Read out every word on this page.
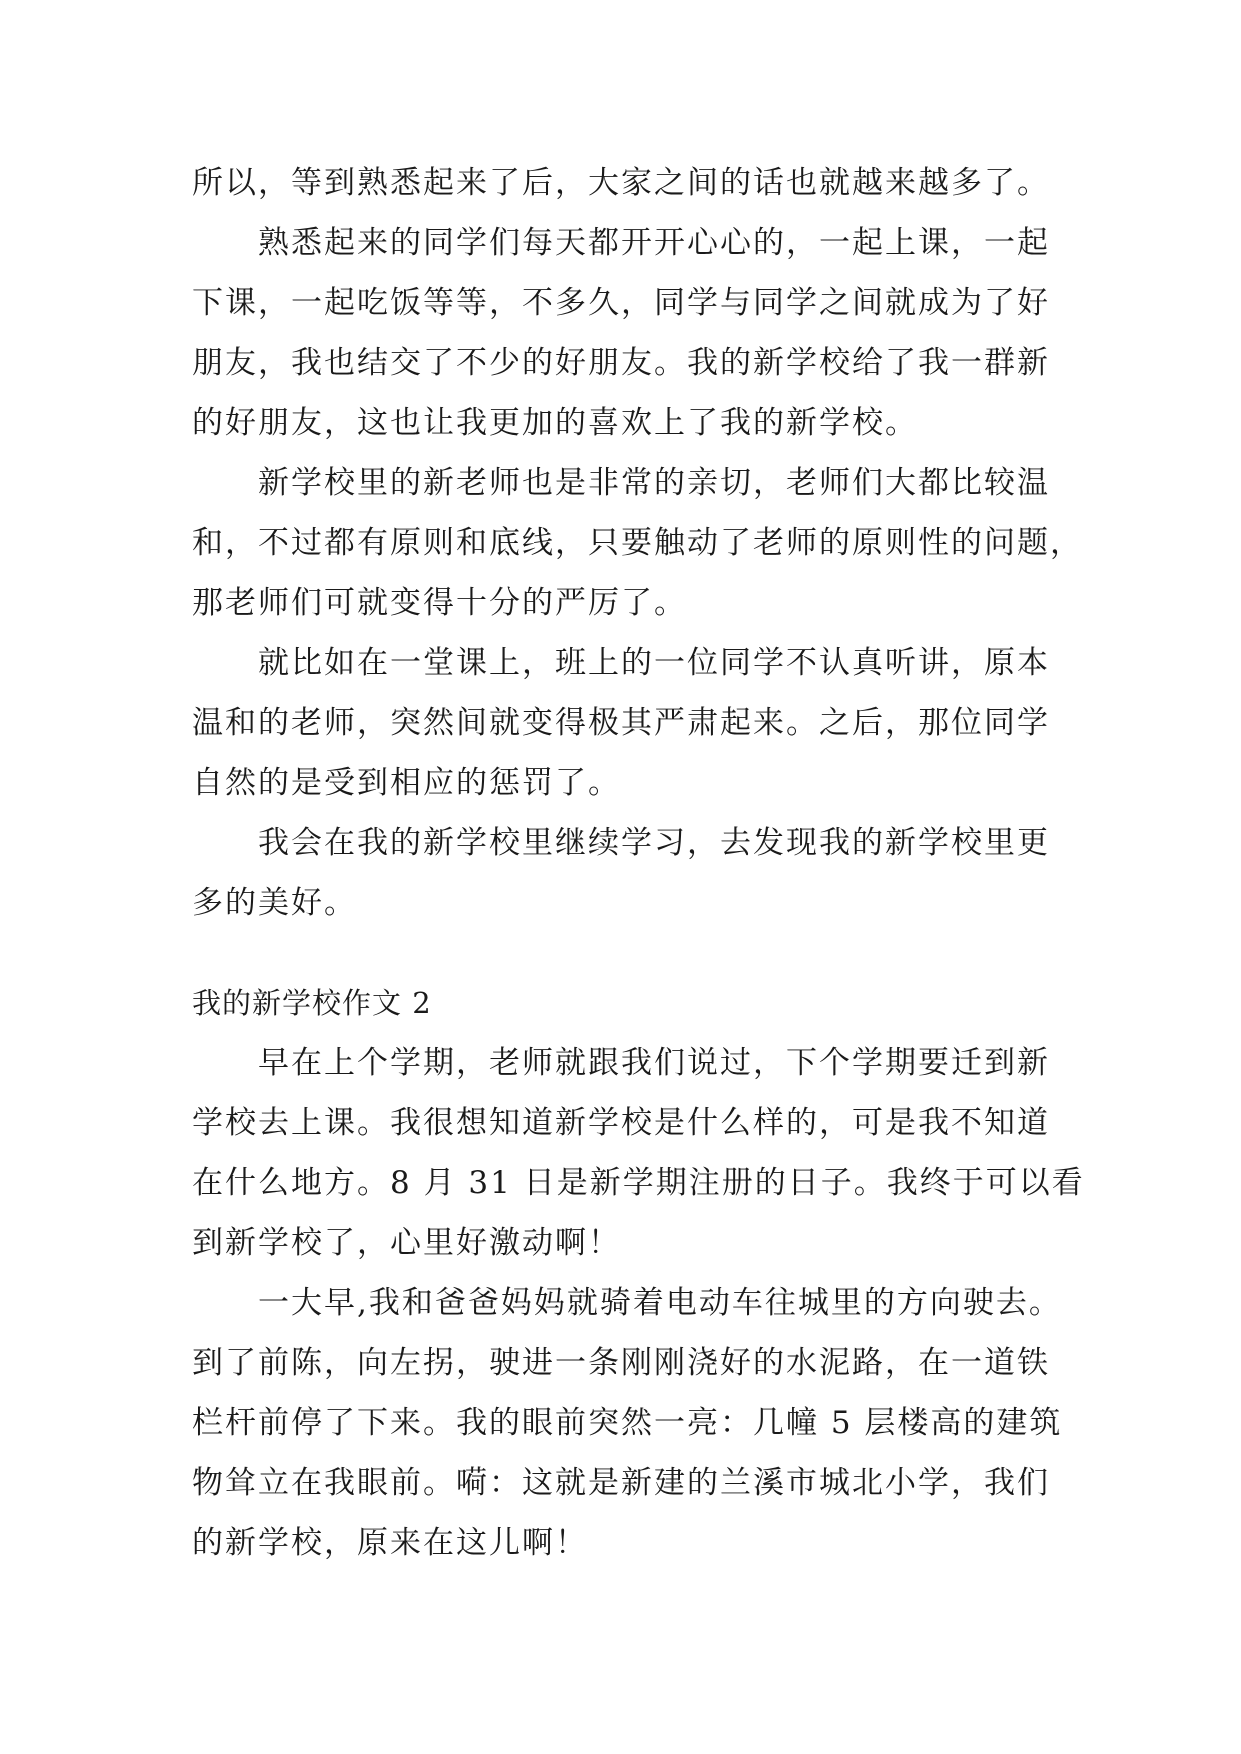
所以，等到熟悉起来了后，大家之间的话也就越来越多了。
熟悉起来的同学们每天都开开心心的，一起上课，一起
下课，一起吃饭等等，不多久，同学与同学之间就成为了好
朋友，我也结交了不少的好朋友。我的新学校给了我一群新
的好朋友，这也让我更加的喜欢上了我的新学校。
新学校里的新老师也是非常的亲切，老师们大都比较温
和，不过都有原则和底线，只要触动了老师的原则性的问题，
那老师们可就变得十分的严厉了。
就比如在一堂课上，班上的一位同学不认真听讲，原本
温和的老师，突然间就变得极其严肃起来。之后，那位同学
自然的是受到相应的惩罚了。
我会在我的新学校里继续学习，去发现我的新学校里更
多的美好。
我的新学校作文 2
早在上个学期，老师就跟我们说过，下个学期要迁到新
学校去上课。我很想知道新学校是什么样的，可是我不知道
在什么地方。8 月 31 日是新学期注册的日子。我终于可以看
到新学校了，心里好激动啊！
一大早,我和爸爸妈妈就骑着电动车往城里的方向驶去。
到了前陈，向左拐，驶进一条刚刚浇好的水泥路，在一道铁
栏杆前停了下来。我的眼前突然一亮：几幢 5 层楼高的建筑
物耸立在我眼前。嗬：这就是新建的兰溪市城北小学，我们
的新学校，原来在这儿啊！
